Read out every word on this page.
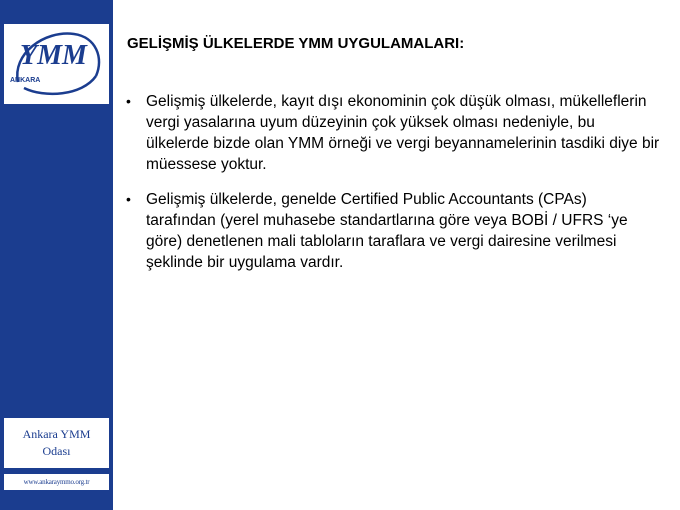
YMM
ANKARA
Ankara YMM
Odası
www.ankaraymmo.org.tr
GELİŞMİŞ ÜLKELERDE YMM UYGULAMALARI:
• Gelişmiş ülkelerde, kayıt dışı ekonominin çok düşük olması, mükelleflerin vergi yasalarına uyum düzeyinin çok yüksek olması nedeniyle, bu ülkelerde bizde olan YMM örneği ve vergi beyannamelerinin tasdiki diye bir müessese yoktur.
• Gelişmiş ülkelerde, genelde Certified Public Accountants (CPAs) tarafından (yerel muhasebe standartlarına göre veya BOBİ / UFRS ‘ye göre) denetlenen mali tabloların taraflara ve vergi dairesine verilmesi şeklinde bir uygulama vardır.
